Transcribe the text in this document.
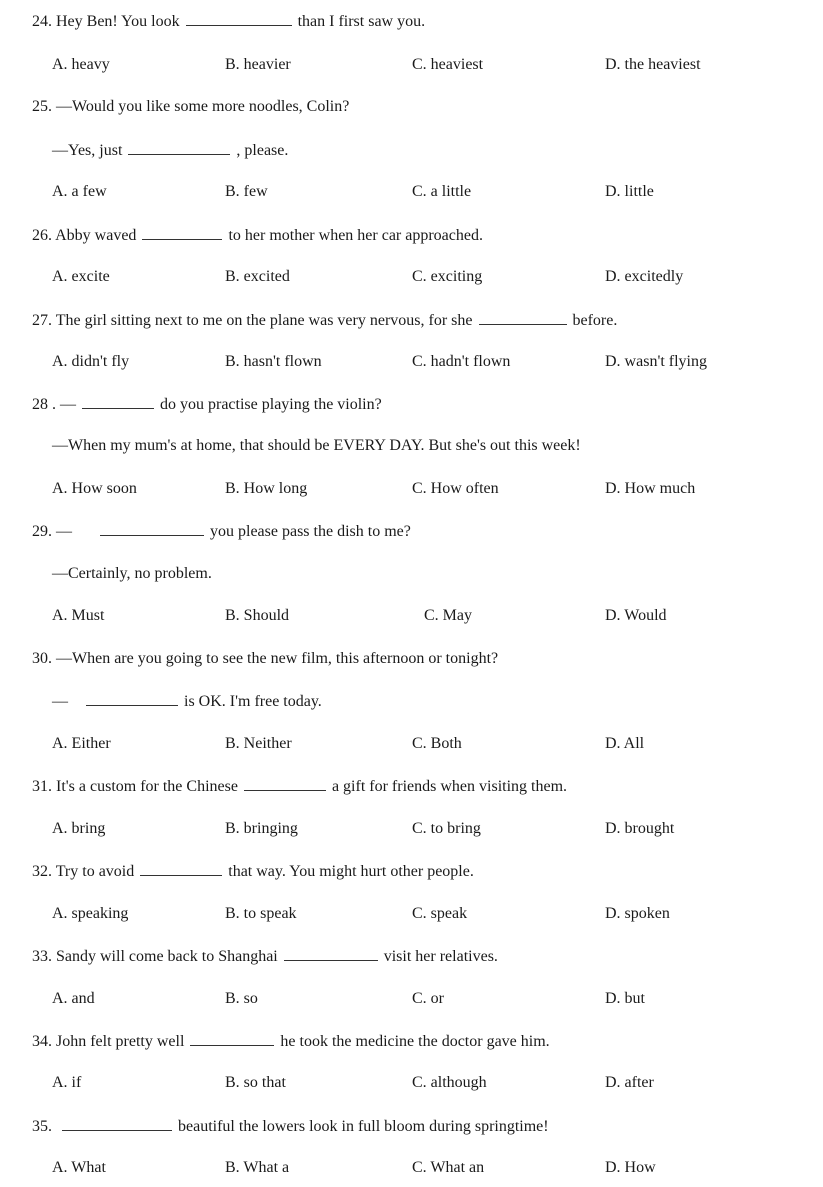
24. Hey Ben! You look	than I first saw you.
A. heavy	B. heavier	C. heaviest	D. the heaviest
25. —Would you like some more noodles, Colin?
—Yes, just	, please.
A. a few	B. few	C. a little	D. little
26. Abby waved	to her mother when her car approached.
A. excite	B. excited	C. exciting	D. excitedly
27. The girl sitting next to me on the plane was very nervous, for she	before.
A. didn't fly	B. hasn't flown	C. hadn't flown	D. wasn't flying
28 . —	do you practise playing the violin?
—When my mum's at home, that should be EVERY DAY. But she's out this week!
A. How soon	B. How long	C. How often	D. How much
29. —	you please pass the dish to me?
—Certainly, no problem.
A. Must	B. Should	C. May	D. Would
30. —When are you going to see the new film, this afternoon or tonight?
—	is OK. I'm free today.
A. Either	B. Neither	C. Both	D. All
31. It's a custom for the Chinese	a gift for friends when visiting them.
A. bring	B. bringing	C. to bring	D. brought
32. Try to avoid	that way. You might hurt other people.
A. speaking	B. to speak	C. speak	D. spoken
33. Sandy will come back to Shanghai	visit her relatives.
A. and	B. so	C. or	D. but
34. John felt pretty well	he took the medicine the doctor gave him.
A. if	B. so that	C. although	D. after
35.	beautiful the lowers look in full bloom during springtime!
A. What	B. What a	C. What an	D. How
